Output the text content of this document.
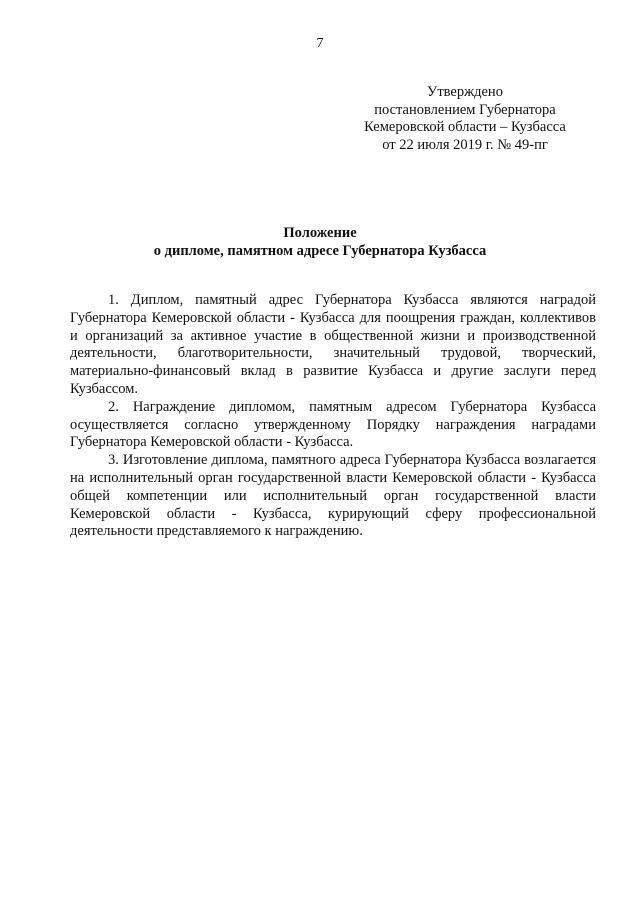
7
Утверждено
постановлением Губернатора
Кемеровской области – Кузбасса
от 22 июля 2019 г. № 49-пг
Положение
о дипломе, памятном адресе Губернатора Кузбасса

1. Диплом, памятный адрес Губернатора Кузбасса являются наградой Губернатора Кемеровской области - Кузбасса для поощрения граждан, коллективов и организаций за активное участие в общественной жизни и производственной деятельности, благотворительности, значительный трудовой, творческий, материально-финансовый вклад в развитие Кузбасса и другие заслуги перед Кузбассом.

2. Награждение дипломом, памятным адресом Губернатора Кузбасса осуществляется согласно утвержденному Порядку награждения наградами Губернатора Кемеровской области - Кузбасса.

3. Изготовление диплома, памятного адреса Губернатора Кузбасса возлагается на исполнительный орган государственной власти Кемеровской области - Кузбасса общей компетенции или исполнительный орган государственной власти Кемеровской области - Кузбасса, курирующий сферу профессиональной деятельности представляемого к награждению.
